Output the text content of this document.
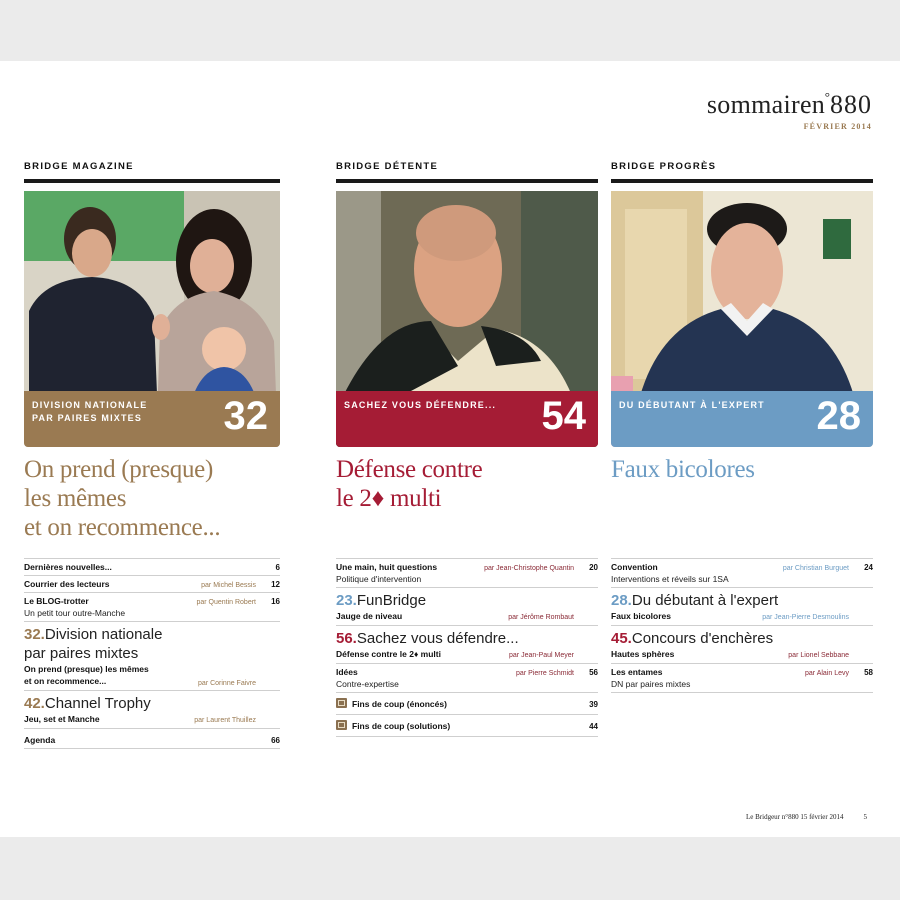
sommairen°880
FÉVRIER 2014
BRIDGE MAGAZINE
DIVISION NATIONALE
PAR PAIRES MIXTES 32
On prend (presque)
les mêmes
et on recommence...
BRIDGE DÉTENTE
SACHEZ VOUS DÉFENDRE... 54
Défense contre
le 2♦ multi
BRIDGE PROGRÈS
DU DÉBUTANT À L'EXPERT 28
Faux bicolores
Dernières nouvelles...	6
Courrier des lecteurs	par Michel Bessis	12
Le BLOG-trotter	par Quentin Robert	16
Un petit tour outre-Manche
32.Division nationale
par paires mixtes
On prend (presque) les mêmes
et on recommence...	par Corinne Faivre
42.Channel Trophy
Jeu, set et Manche	par Laurent Thuillez
Agenda	66
Une main, huit questions	par Jean-Christophe Quantin	20
Politique d'intervention
23.FunBridge
Jauge de niveau	par Jérôme Rombaut
56.Sachez vous défendre...
Défense contre le 2♦ multi	par Jean-Paul Meyer
Idées	par Pierre Schmidt	56
Contre-expertise
Fins de coup (énoncés)	39
Fins de coup (solutions)	44
Convention	par Christian Burguet	24
Interventions et réveils sur 1SA
28.Du débutant à l'expert
Faux bicolores	par Jean-Pierre Desmoulins
45.Concours d'enchères
Hautes sphères	par Lionel Sebbane
Les entames	par Alain Levy	58
DN par paires mixtes
Le Bridgeur n°880 15 février 2014	5
